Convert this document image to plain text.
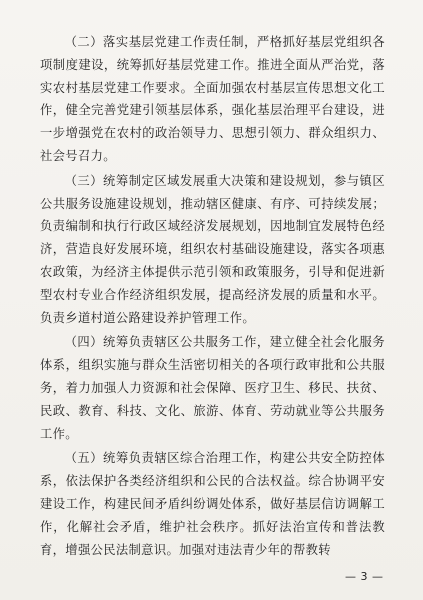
（二）落实基层党建工作责任制，严格抓好基层党组织各项制度建设，统筹抓好基层党建工作。推进全面从严治党，落实农村基层党建工作要求。全面加强农村基层宣传思想文化工作，健全完善党建引领基层体系，强化基层治理平台建设，进一步增强党在农村的政治领导力、思想引领力、群众组织力、社会号召力。

（三）统筹制定区域发展重大决策和建设规划，参与镇区公共服务设施建设规划，推动辖区健康、有序、可持续发展；负责编制和执行行政区域经济发展规划，因地制宜发展特色经济，营造良好发展环境，组织农村基础设施建设，落实各项惠农政策，为经济主体提供示范引领和政策服务，引导和促进新型农村专业合作经济组织发展，提高经济发展的质量和水平。负责乡道村道公路建设养护管理工作。

（四）统筹负责辖区公共服务工作，建立健全社会化服务体系，组织实施与群众生活密切相关的各项行政审批和公共服务，着力加强人力资源和社会保障、医疗卫生、移民、扶贫、民政、教育、科技、文化、旅游、体育、劳动就业等公共服务工作。

（五）统筹负责辖区综合治理工作，构建公共安全防控体系，依法保护各类经济组织和公民的合法权益。综合协调平安建设工作，构建民间矛盾纠纷调处体系，做好基层信访调解工作，化解社会矛盾，维护社会秩序。抓好法治宣传和普法教育，增强公民法制意识。加强对违法青少年的帮教转

— 3 —
